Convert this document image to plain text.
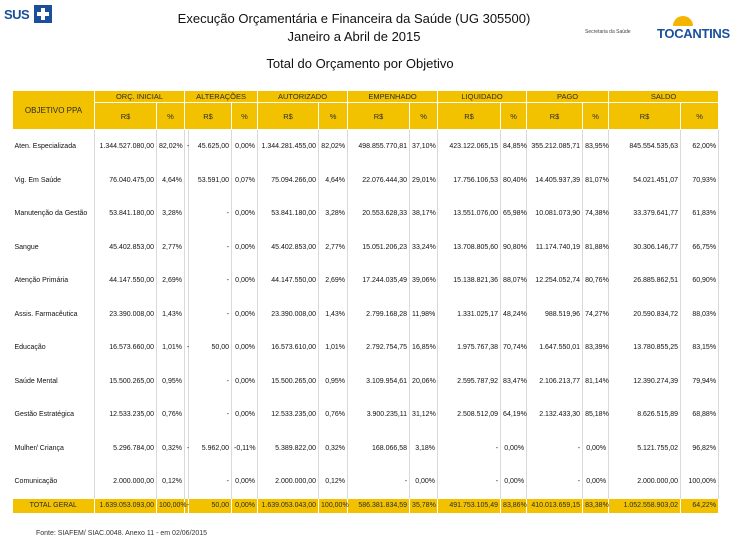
SUS	Execução Orçamentária e Financeira da Saúde (UG 305500)
Janeiro a Abril de 2015	Secretaria da Saúde TOCANTINS
Total do Orçamento por Objetivo
OBJETIVO PPA	ORÇ. INICIAL		ALTERAÇÕES			AUTORIZADO		EMPENHADO		LIQUIDADO		PAGO		SALDO	
	R$	%	R$		%	R$	%	R$	%	R$	%	R$	%	R$	%
Aten. Especializada	1.344.527.080,00	82,02%	-	45.625,00	0,00%	1.344.281.455,00	82,02%	498.855.770,81	37,10%	423.122.065,15	84,85%	355.212.085,71	83,95%	845.554.535,63	62,00%
Vig. Em Saúde	76.040.475,00	4,64%		53.591,00	0,07%	75.094.266,00	4,64%	22.076.444,30	29,01%	17.756.106,53	80,40%	14.405.937,39	81,07%	54.021.451,07	70,93%
Manutenção da Gestão	53.841.180,00	3,28%		-	0,00%	53.841.180,00	3,28%	20.553.628,33	38,17%	13.551.076,00	65,98%	10.081.073,90	74,38%	33.379.641,77	61,83%
Sangue	45.402.853,00	2,77%		-	0,00%	45.402.853,00	2,77%	15.051.206,23	33,24%	13.708.805,60	90,80%	11.174.740,19	81,88%	30.306.146,77	66,75%
Atenção Primária	44.147.550,00	2,69%		-	0,00%	44.147.550,00	2,69%	17.244.035,49	39,06%	15.138.821,36	88,07%	12.254.052,74	80,76%	26.885.862,51	60,90%
Assis. Farmacêutica	23.390.008,00	1,43%		-	0,00%	23.390.008,00	1,43%	2.799.168,28	11,98%	1.331.025,17	48,24%	988.519,96	74,27%	20.590.834,72	88,03%
Educação	16.573.660,00	1,01%	-	50,00	0,00%	16.573.610,00	1,01%	2.792.754,75	16,85%	1.975.767,38	70,74%	1.647.550,01	83,39%	13.780.855,25	83,15%
Saúde Mental	15.500.265,00	0,95%		-	0,00%	15.500.265,00	0,95%	3.109.954,61	20,06%	2.595.787,92	83,47%	2.106.213,77	81,14%	12.390.274,39	79,94%
Gestão Estratégica	12.533.235,00	0,76%		-	0,00%	12.533.235,00	0,76%	3.900.235,11	31,12%	2.508.512,09	64,19%	2.132.433,30	85,18%	8.626.515,89	68,88%
Mulher/ Criança	5.296.784,00	0,32%	-	5.962,00	-0,11%	5.389.822,00	0,32%	168.066,58	3,18%	-	0,00%	-	0,00%	5.121.755,02	96,82%
Comunicação	2.000.000,00	0,12%		-	0,00%	2.000.000,00	0,12%	-	0,00%	-	0,00%	-	0,00%	2.000.000,00	100,00%
TOTAL GERAL	1.639.053.093,00	100,00%	-	50,00	0,00%	1.639.053.043,00	100,00%	586.381.834,59	35,78%	491.753.105,49	83,86%	410.013.659,15	83,38%	1.052.558.903,02	64,22%
Fonte: SIAFEM/ SIAC.0048. Anexo 11 - em 02/06/2015
